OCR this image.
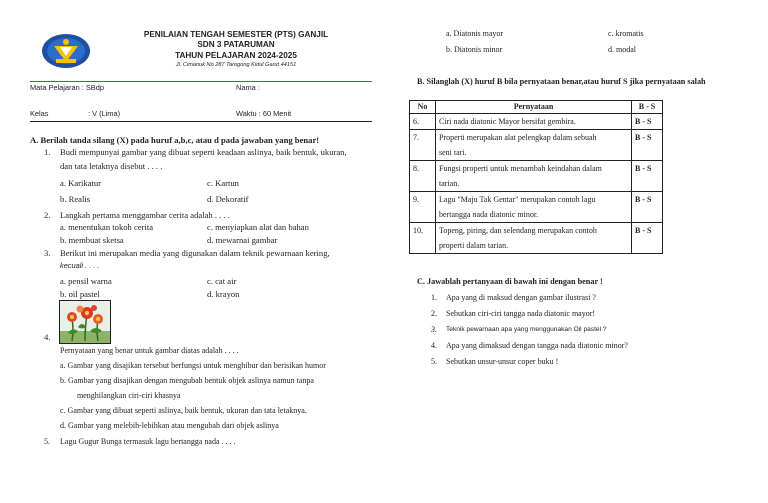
PENILAIAN TENGAH SEMESTER (PTS) GANJIL
SDN 3 PATARUMAN
TAHUN PELAJARAN 2024-2025
Jl. Cimanuk No 287 Tarogong Kidul Garut 44151
Mata Pelajaran : SBdp	Nama :
Kelas	: V (Lima)	Waktu : 60 Menit
A. Berilah tanda silang (X) pada huruf a,b,c, atau d pada jawaban yang benar!
1. Budi mempunyai gambar yang dibuat seperti keadaan aslinya, baik bentuk, ukuran,
dan tata letaknya disebut . . . .
a. Karikatur	c. Kartun
b. Realis	d. Dekoratif
2. Langkah pertama menggambar cerita adalah . . . .
a. menentukan tokoh cerita	c. menyiapkan alat dan bahan
b. membuat sketsa	d. mewarnai gambar
3. Berikut ini merupakan media yang digunakan dalam teknik pewarnaan kering,
kecuali . . . .
a. pensil warna	c. cat air
b. oil pastel	d. krayon
4.
Pernyataan yang benar untuk gambar diatas adalah . . . .
a. Gambar yang disajikan tersebut berfungsi untuk menghibur dan berisikan humor
b. Gambar yang disajikan dengan mengubah bentuk objek aslinya namun tanpa
menghilangkan ciri-ciri khasnya
c. Gambar yang dibuat seperti aslinya, baik bentuk, ukuran dan tata letaknya.
d. Gambar yang melebih-lebihkan atau mengubah dari objek aslinya
5. Lagu Gugur Bunga termasuk lagu bertangga nada . . . .
a. Diatonis mayor	c. kromatis
b. Diatonis minor	d. modal
B. Silanglah (X) huruf B bila pernyataan benar,atau huruf S jika pernyataan salah
No	Pernyataan	B - S
6.	Ciri nada diatonic Mayor bersifat gembira.	B - S
7.	Properti merupakan alat pelengkap dalam sebuah
seni tari.	B - S
8.	Fungsi properti untuk menambah keindahan dalam
tarian.	B - S
9.	Lagu "Maju Tak Gentar" merupakan contoh lagu
bertangga nada diatonic minor.	B - S
10.	Topeng, piring, dan selendang merupakan contoh
properti dalam tarian.	B - S
C. Jawablah pertanyaan di bawah ini dengan benar !
1. Apa yang di maksud dengan gambar ilustrasi ?
2. Sebutkan ciri-ciri tangga nada diatonic mayor!
3. Teknik pewarnaan apa yang menggunakan Oil pastel ?
4. Apa yang dimaksud dengan tangga nada diatonic minor?
5. Sebutkan unsur-unsur coper buku !
